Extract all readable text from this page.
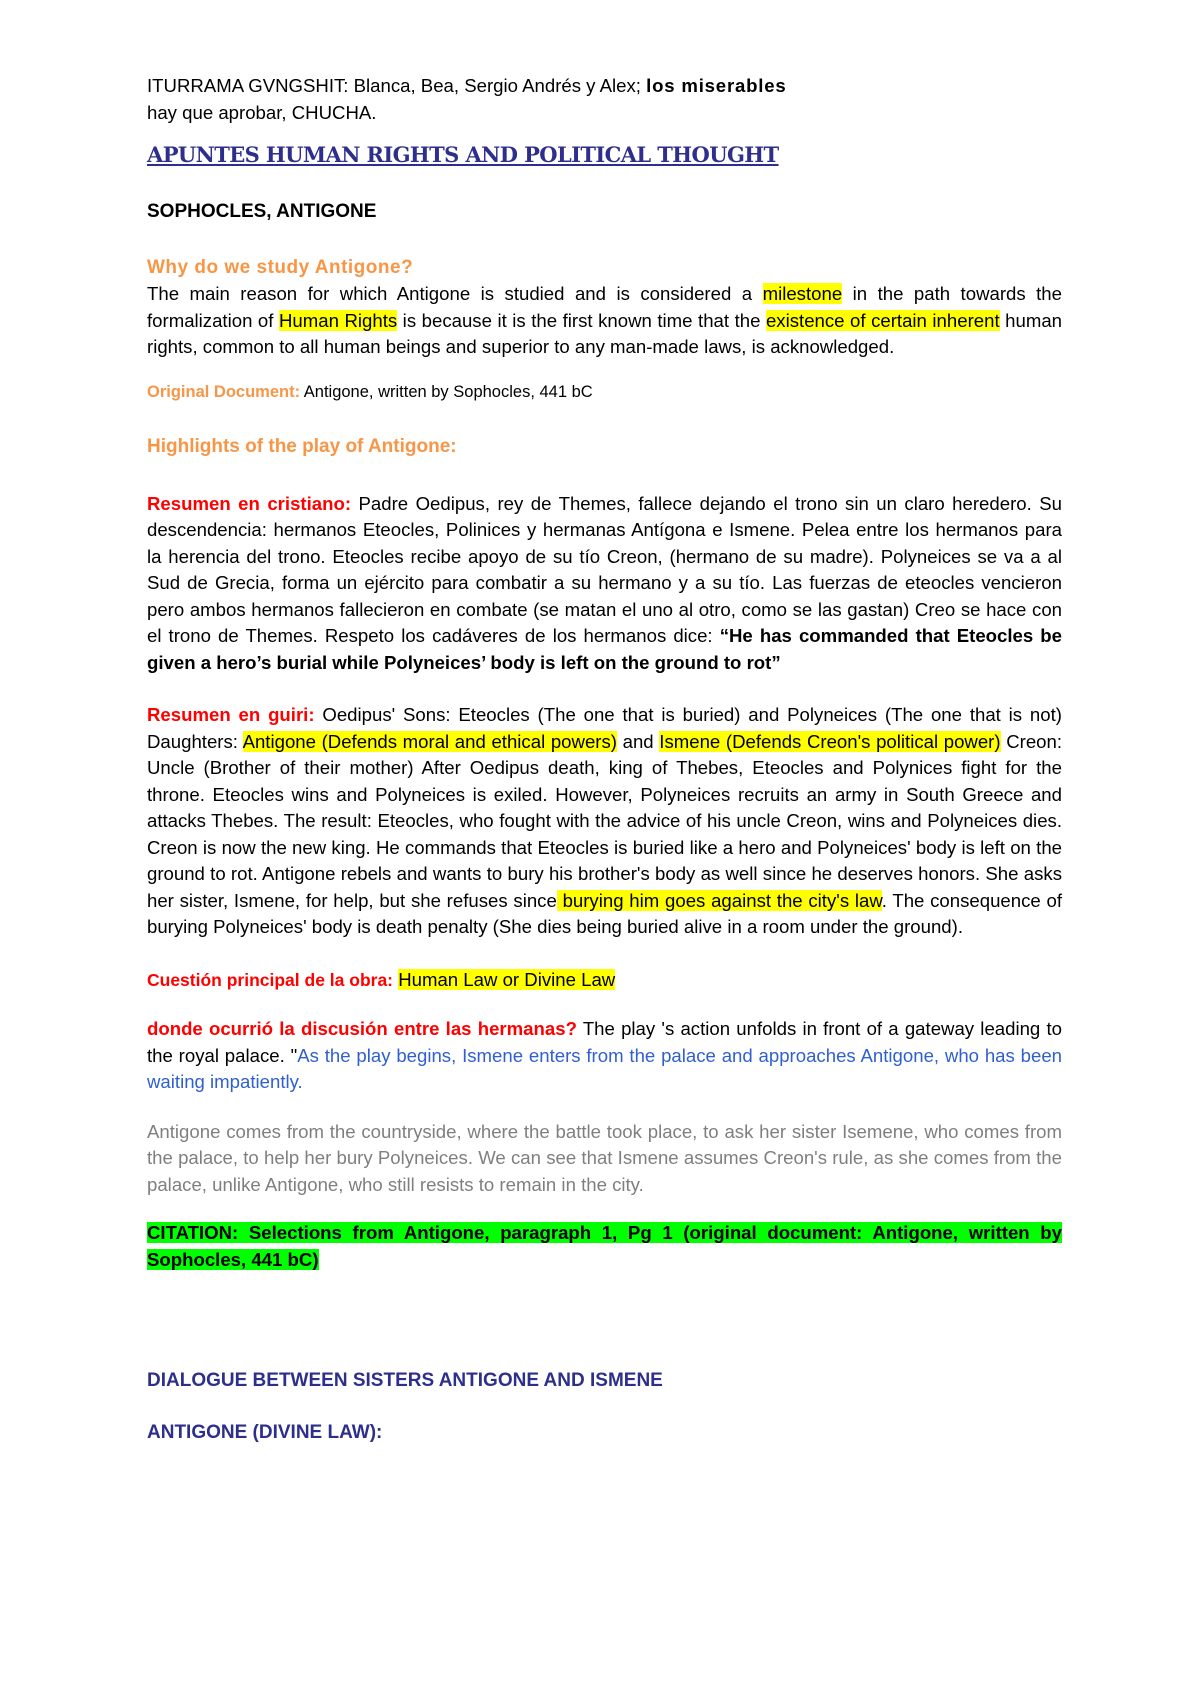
ITURRAMA GVNGSHIT: Blanca, Bea, Sergio Andrés y Alex; los miserables
hay que aprobar, CHUCHA.

APUNTES HUMAN RIGHTS AND POLITICAL THOUGHT

SOPHOCLES, ANTIGONE

Why do we study Antigone?

The main reason for which Antigone is studied and is considered a milestone in the path towards the formalization of Human Rights is because it is the first known time that the existence of certain inherent human rights, common to all human beings and superior to any man-made laws, is acknowledged.

Original Document: Antigone, written by Sophocles, 441 bC

Highlights of the play of Antigone:

Resumen en cristiano: Padre Oedipus, rey de Themes, fallece dejando el trono sin un claro heredero. Su descendencia: hermanos Eteocles, Polinices y hermanas Antígona e Ismene. Pelea entre los hermanos para la herencia del trono. Eteocles recibe apoyo de su tío Creon, (hermano de su madre). Polyneices se va a al Sud de Grecia, forma un ejército para combatir a su hermano y a su tío. Las fuerzas de eteocles vencieron pero ambos hermanos fallecieron en combate (se matan el uno al otro, como se las gastan) Creo se hace con el trono de Themes. Respeto los cadáveres de los hermanos dice: “He has commanded that Eteocles be given a hero’s burial while Polyneices’ body is left on the ground to rot”

Resumen en guiri: Oedipus' Sons: Eteocles (The one that is buried) and Polyneices (The one that is not) Daughters: Antigone (Defends moral and ethical powers) and Ismene (Defends Creon's political power) Creon: Uncle (Brother of their mother) After Oedipus death, king of Thebes, Eteocles and Polynices fight for the throne. Eteocles wins and Polyneices is exiled. However, Polyneices recruits an army in South Greece and attacks Thebes. The result: Eteocles, who fought with the advice of his uncle Creon, wins and Polyneices dies. Creon is now the new king. He commands that Eteocles is buried like a hero and Polyneices' body is left on the ground to rot. Antigone rebels and wants to bury his brother's body as well since he deserves honors. She asks her sister, Ismene, for help, but she refuses since burying him goes against the city's law. The consequence of burying Polyneices' body is death penalty (She dies being buried alive in a room under the ground).

Cuestión principal de la obra: Human Law or Divine Law

donde ocurrió la discusión entre las hermanas? The play 's action unfolds in front of a gateway leading to the royal palace. "As the play begins, Ismene enters from the palace and approaches Antigone, who has been waiting impatiently.

Antigone comes from the countryside, where the battle took place, to ask her sister Isemene, who comes from the palace, to help her bury Polyneices. We can see that Ismene assumes Creon's rule, as she comes from the palace, unlike Antigone, who still resists to remain in the city.

CITATION: Selections from Antigone, paragraph 1, Pg 1 (original document: Antigone, written by Sophocles, 441 bC)

DIALOGUE BETWEEN SISTERS ANTIGONE AND ISMENE

ANTIGONE (DIVINE LAW):
